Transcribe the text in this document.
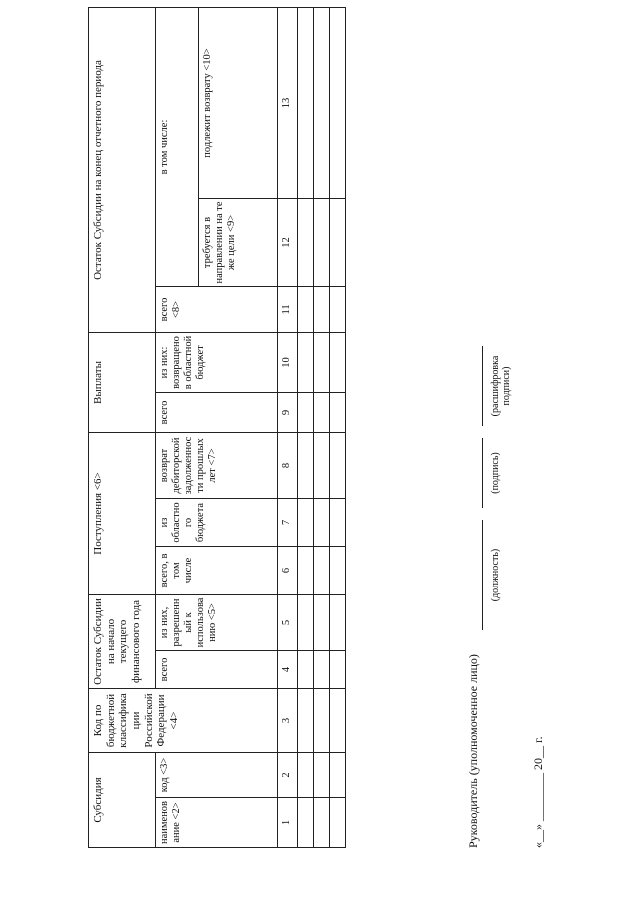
Субсидия		Код по бюджетной классификации Российской Федерации <4>	Остаток Субсидии на начало текущего финансового года		Поступления <6>			Выплаты		Остаток Субсидии на конец отчетного периода		
наименование <2>	код <3>		всего	из них, разрешенный к использованию <5>	всего, в том числе	из областного бюджета	возврат дебиторской задолженности прошлых лет <7>	всего	из них: возвращено в областной бюджет	всего <8>	в том числе:	
											требуется в направлении на те же цели <9>	подлежит возврату <10>
1	2	3	4	5	6	7	8	9	10	11	12	13

Руководитель (уполномоченное лицо)
(должность)
(подпись)
(расшифровка подписи)
«__» ________ 20__ г.
